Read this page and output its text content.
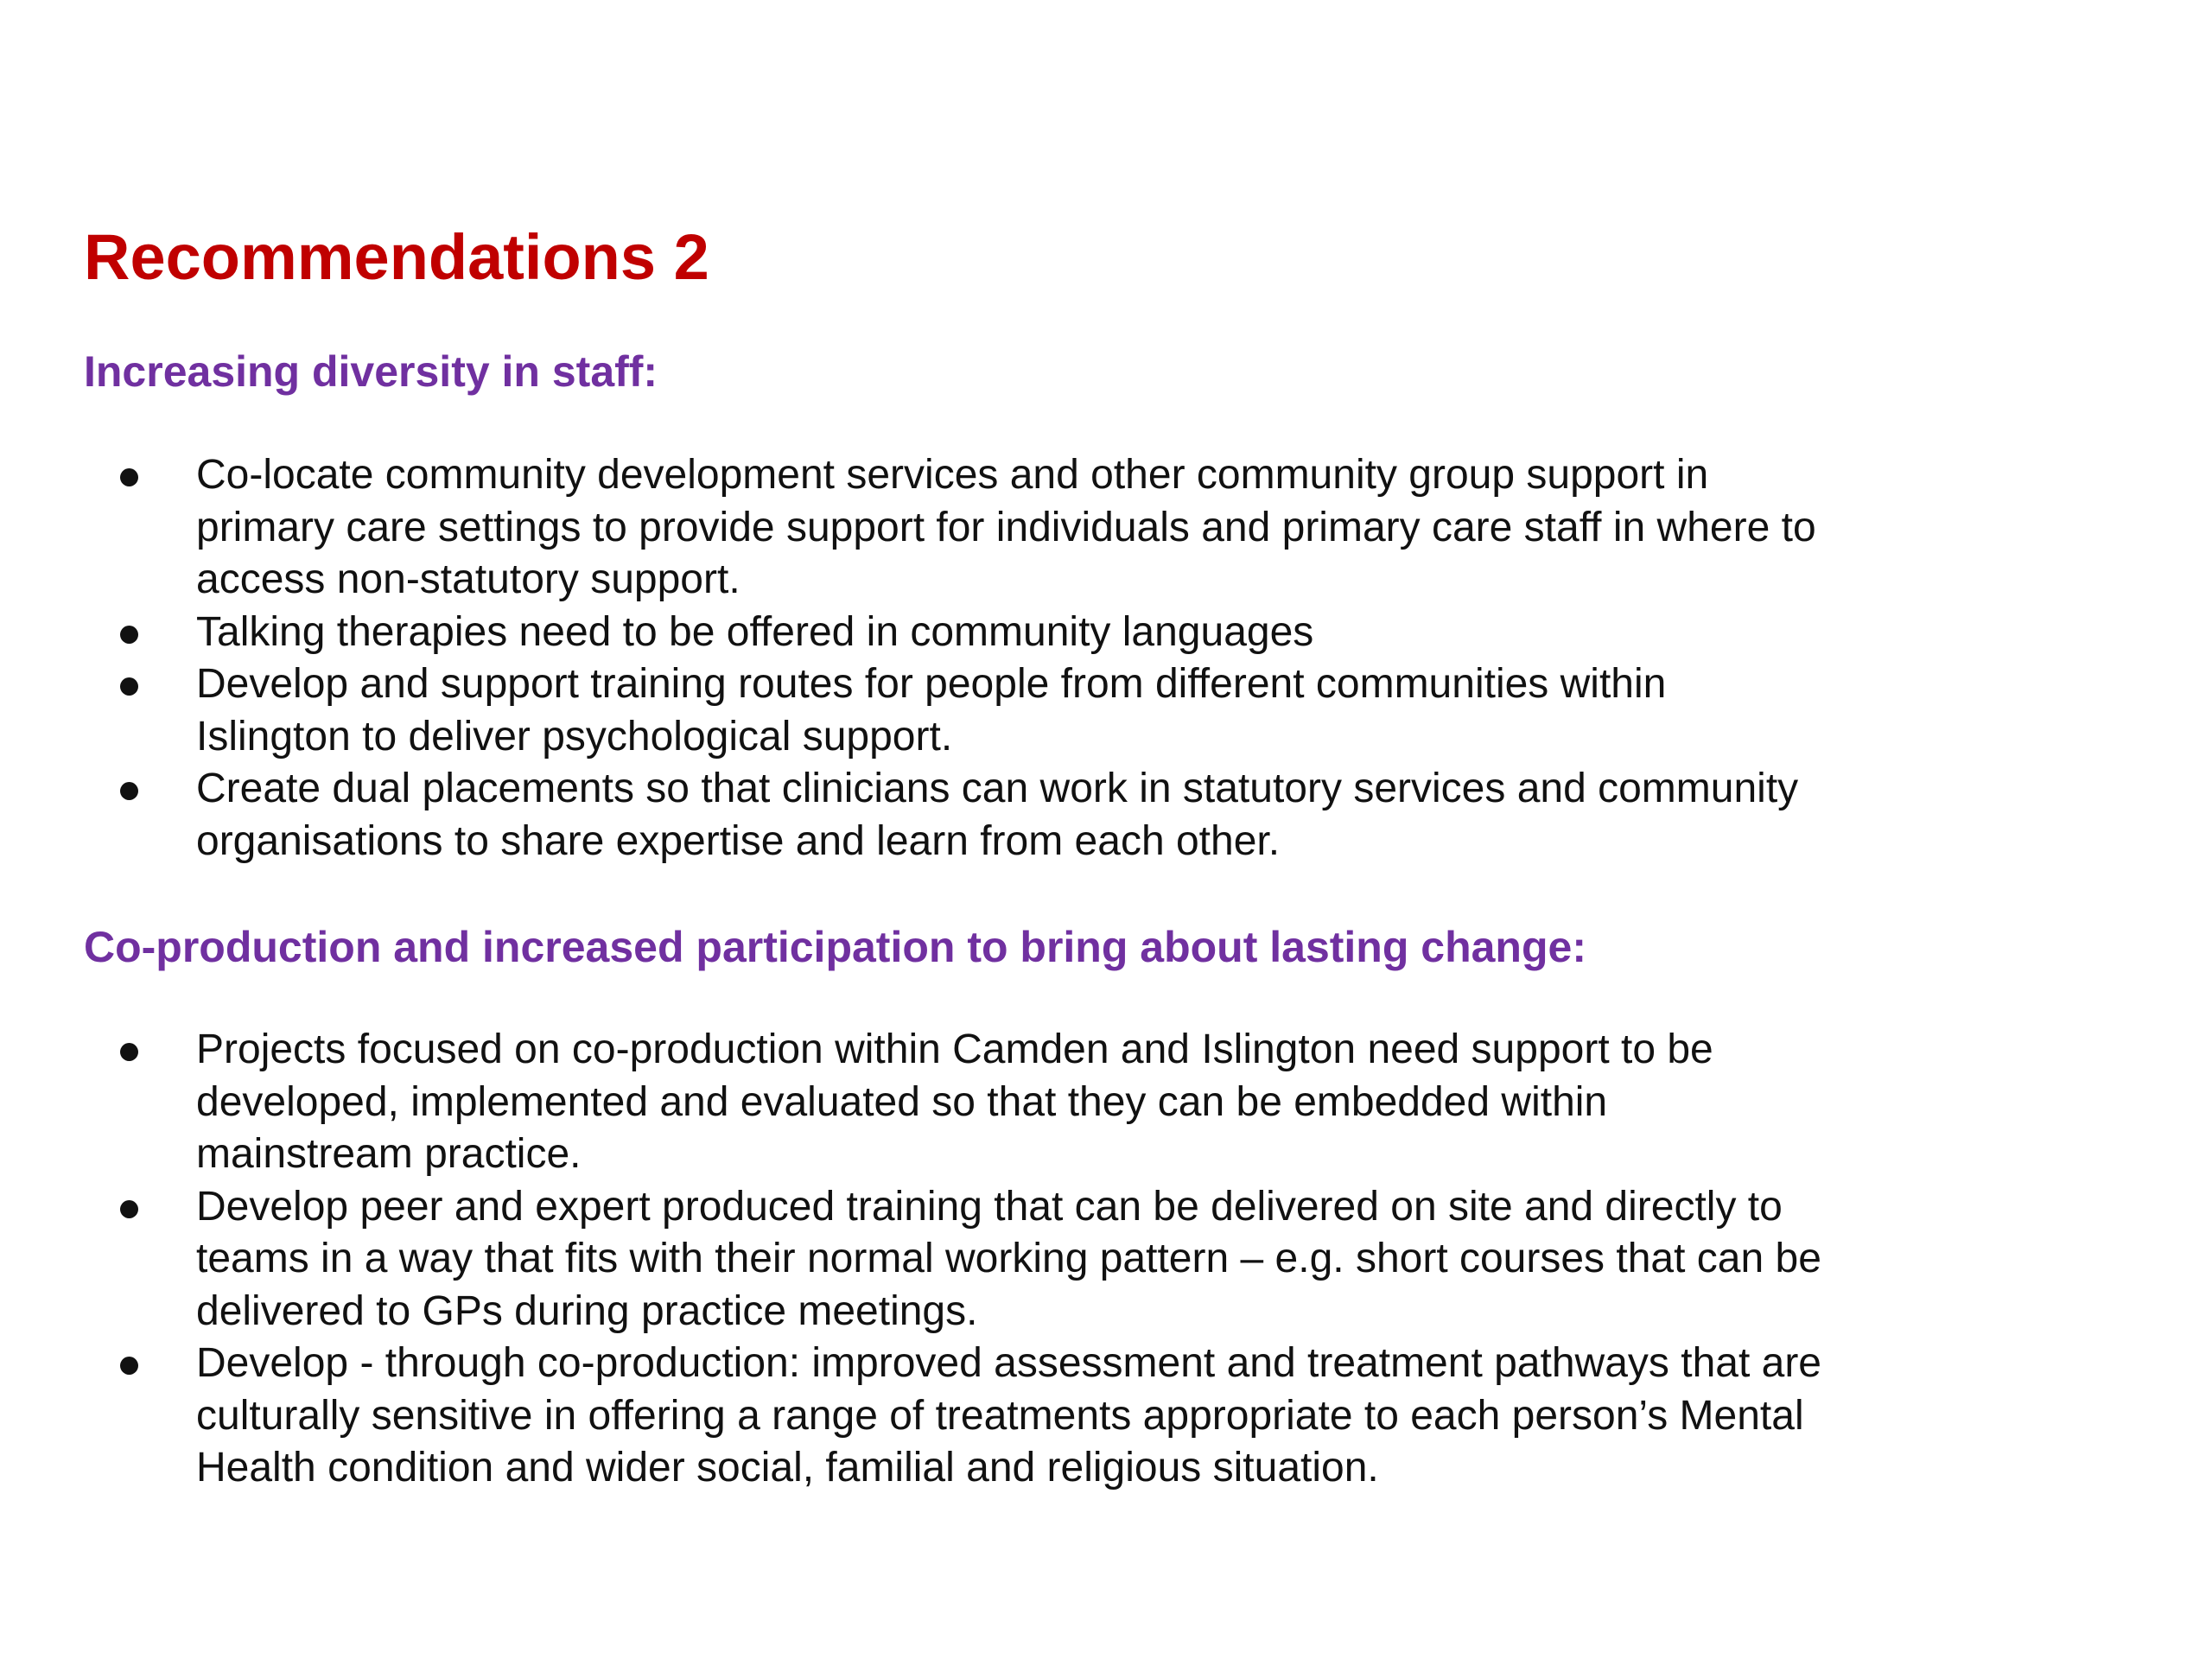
Recommendations 2
Increasing diversity in staff:
Co-locate community development services and other community group support in
primary care settings to provide support for individuals and primary care staff in where to
access non-statutory support.
Talking therapies need to be offered in community languages
Develop and support training routes for people from different communities within
Islington to deliver psychological support.
Create dual placements so that clinicians can work in statutory services and community
organisations to share expertise and learn from each other.
Co-production and increased participation to bring about lasting change:
Projects focused on co-production within Camden and Islington need support to be
developed, implemented and evaluated so that they can be embedded within
mainstream practice.
Develop peer and expert produced training that can be delivered on site and directly to
teams in a way that fits with their normal working pattern – e.g. short courses that can be
delivered to GPs during practice meetings.
Develop - through co-production: improved assessment and treatment pathways that are
culturally sensitive in offering a range of treatments appropriate to each person’s Mental
Health condition and wider social, familial and religious situation.
